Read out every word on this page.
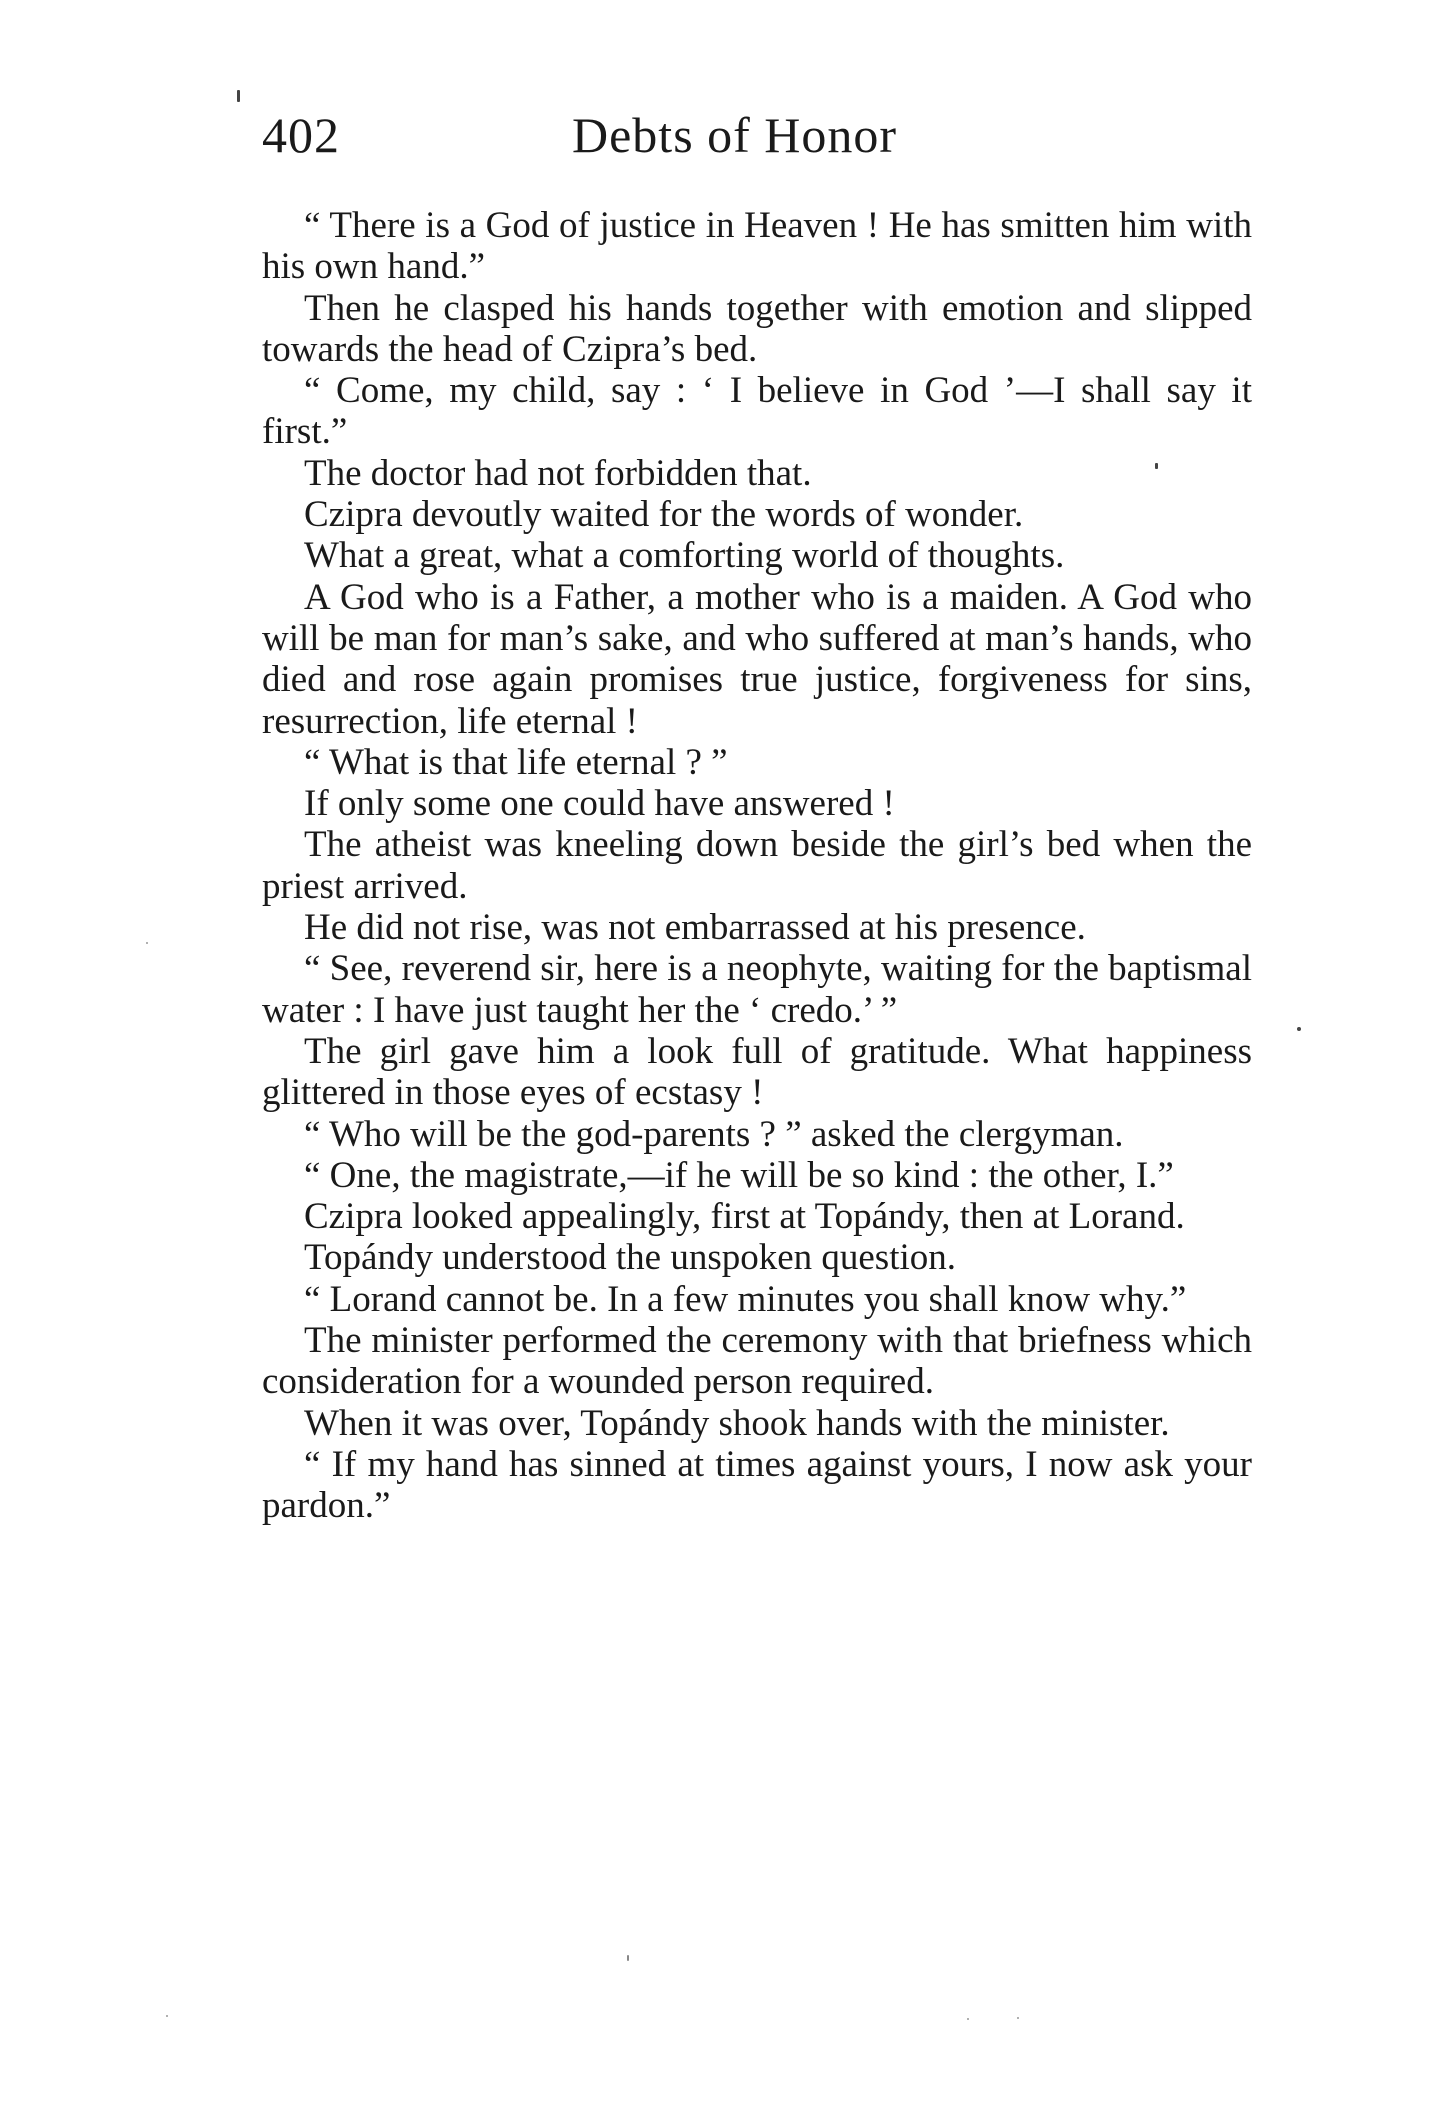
402	Debts of Honor

“ There is a God of justice in Heaven ! He has smitten him with his own hand.”

Then he clasped his hands together with emotion and slipped towards the head of Czipra’s bed.

“ Come, my child, say : ‘ I believe in God ’—I shall say it first.”

The doctor had not forbidden that.

Czipra devoutly waited for the words of wonder.

What a great, what a comforting world of thoughts.

A God who is a Father, a mother who is a maiden. A God who will be man for man’s sake, and who suffered at man’s hands, who died and rose again promises true justice, forgiveness for sins, resurrection, life eternal !

“ What is that life eternal ? ”

If only some one could have answered !

The atheist was kneeling down beside the girl’s bed when the priest arrived.

He did not rise, was not embarrassed at his presence.

“ See, reverend sir, here is a neophyte, waiting for the baptismal water : I have just taught her the ‘ credo.’ ”

The girl gave him a look full of gratitude. What happiness glittered in those eyes of ecstasy !

“ Who will be the god-parents ? ” asked the clergyman.

“ One, the magistrate,—if he will be so kind : the other, I.”

Czipra looked appealingly, first at Topándy, then at Lorand.

Topándy understood the unspoken question.

“ Lorand cannot be. In a few minutes you shall know why.”

The minister performed the ceremony with that briefness which consideration for a wounded person required.

When it was over, Topándy shook hands with the minister.

“ If my hand has sinned at times against yours, I now ask your pardon.”
